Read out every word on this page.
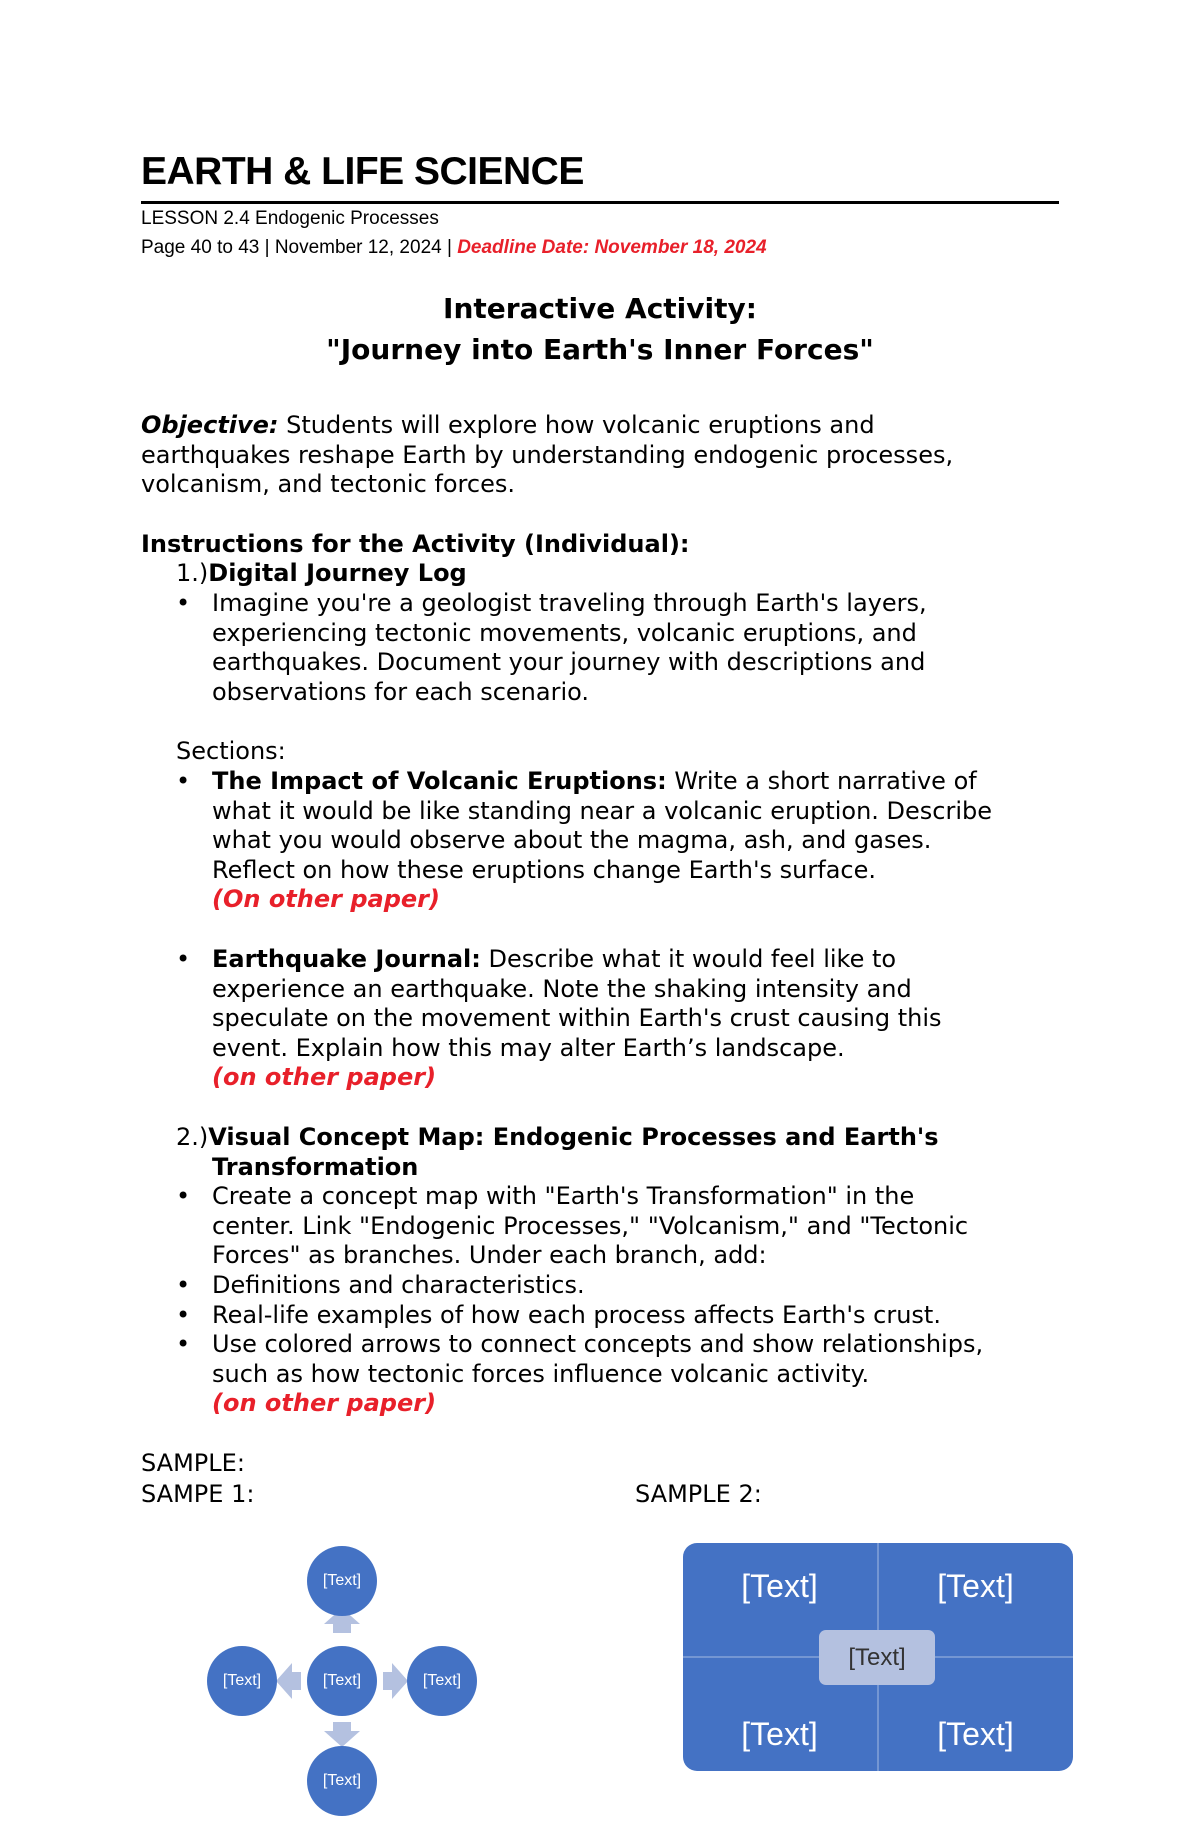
EARTH & LIFE SCIENCE
LESSON 2.4 Endogenic Processes
Page 40 to 43 | November 12, 2024 | Deadline Date: November 18, 2024
Interactive Activity:
"Journey into Earth's Inner Forces"
Objective: Students will explore how volcanic eruptions and
earthquakes reshape Earth by understanding endogenic processes,
volcanism, and tectonic forces.
Instructions for the Activity (Individual):
1.)Digital Journey Log
• Imagine you're a geologist traveling through Earth's layers,
experiencing tectonic movements, volcanic eruptions, and
earthquakes. Document your journey with descriptions and
observations for each scenario.
Sections:
• The Impact of Volcanic Eruptions: Write a short narrative of
what it would be like standing near a volcanic eruption. Describe
what you would observe about the magma, ash, and gases.
Reflect on how these eruptions change Earth's surface.
(On other paper)
• Earthquake Journal: Describe what it would feel like to
experience an earthquake. Note the shaking intensity and
speculate on the movement within Earth's crust causing this
event. Explain how this may alter Earth’s landscape.
(on other paper)
2.)Visual Concept Map: Endogenic Processes and Earth's
Transformation
• Create a concept map with "Earth's Transformation" in the
center. Link "Endogenic Processes," "Volcanism," and "Tectonic
Forces" as branches. Under each branch, add:
• Definitions and characteristics.
• Real-life examples of how each process affects Earth's crust.
• Use colored arrows to connect concepts and show relationships,
such as how tectonic forces influence volcanic activity.
(on other paper)
SAMPLE:
SAMPE 1:	SAMPLE 2:
[Text]
[Text]
[Text]	[Text]
[Text]
[Text]	[Text]
[Text]	[Text]
[Text]
